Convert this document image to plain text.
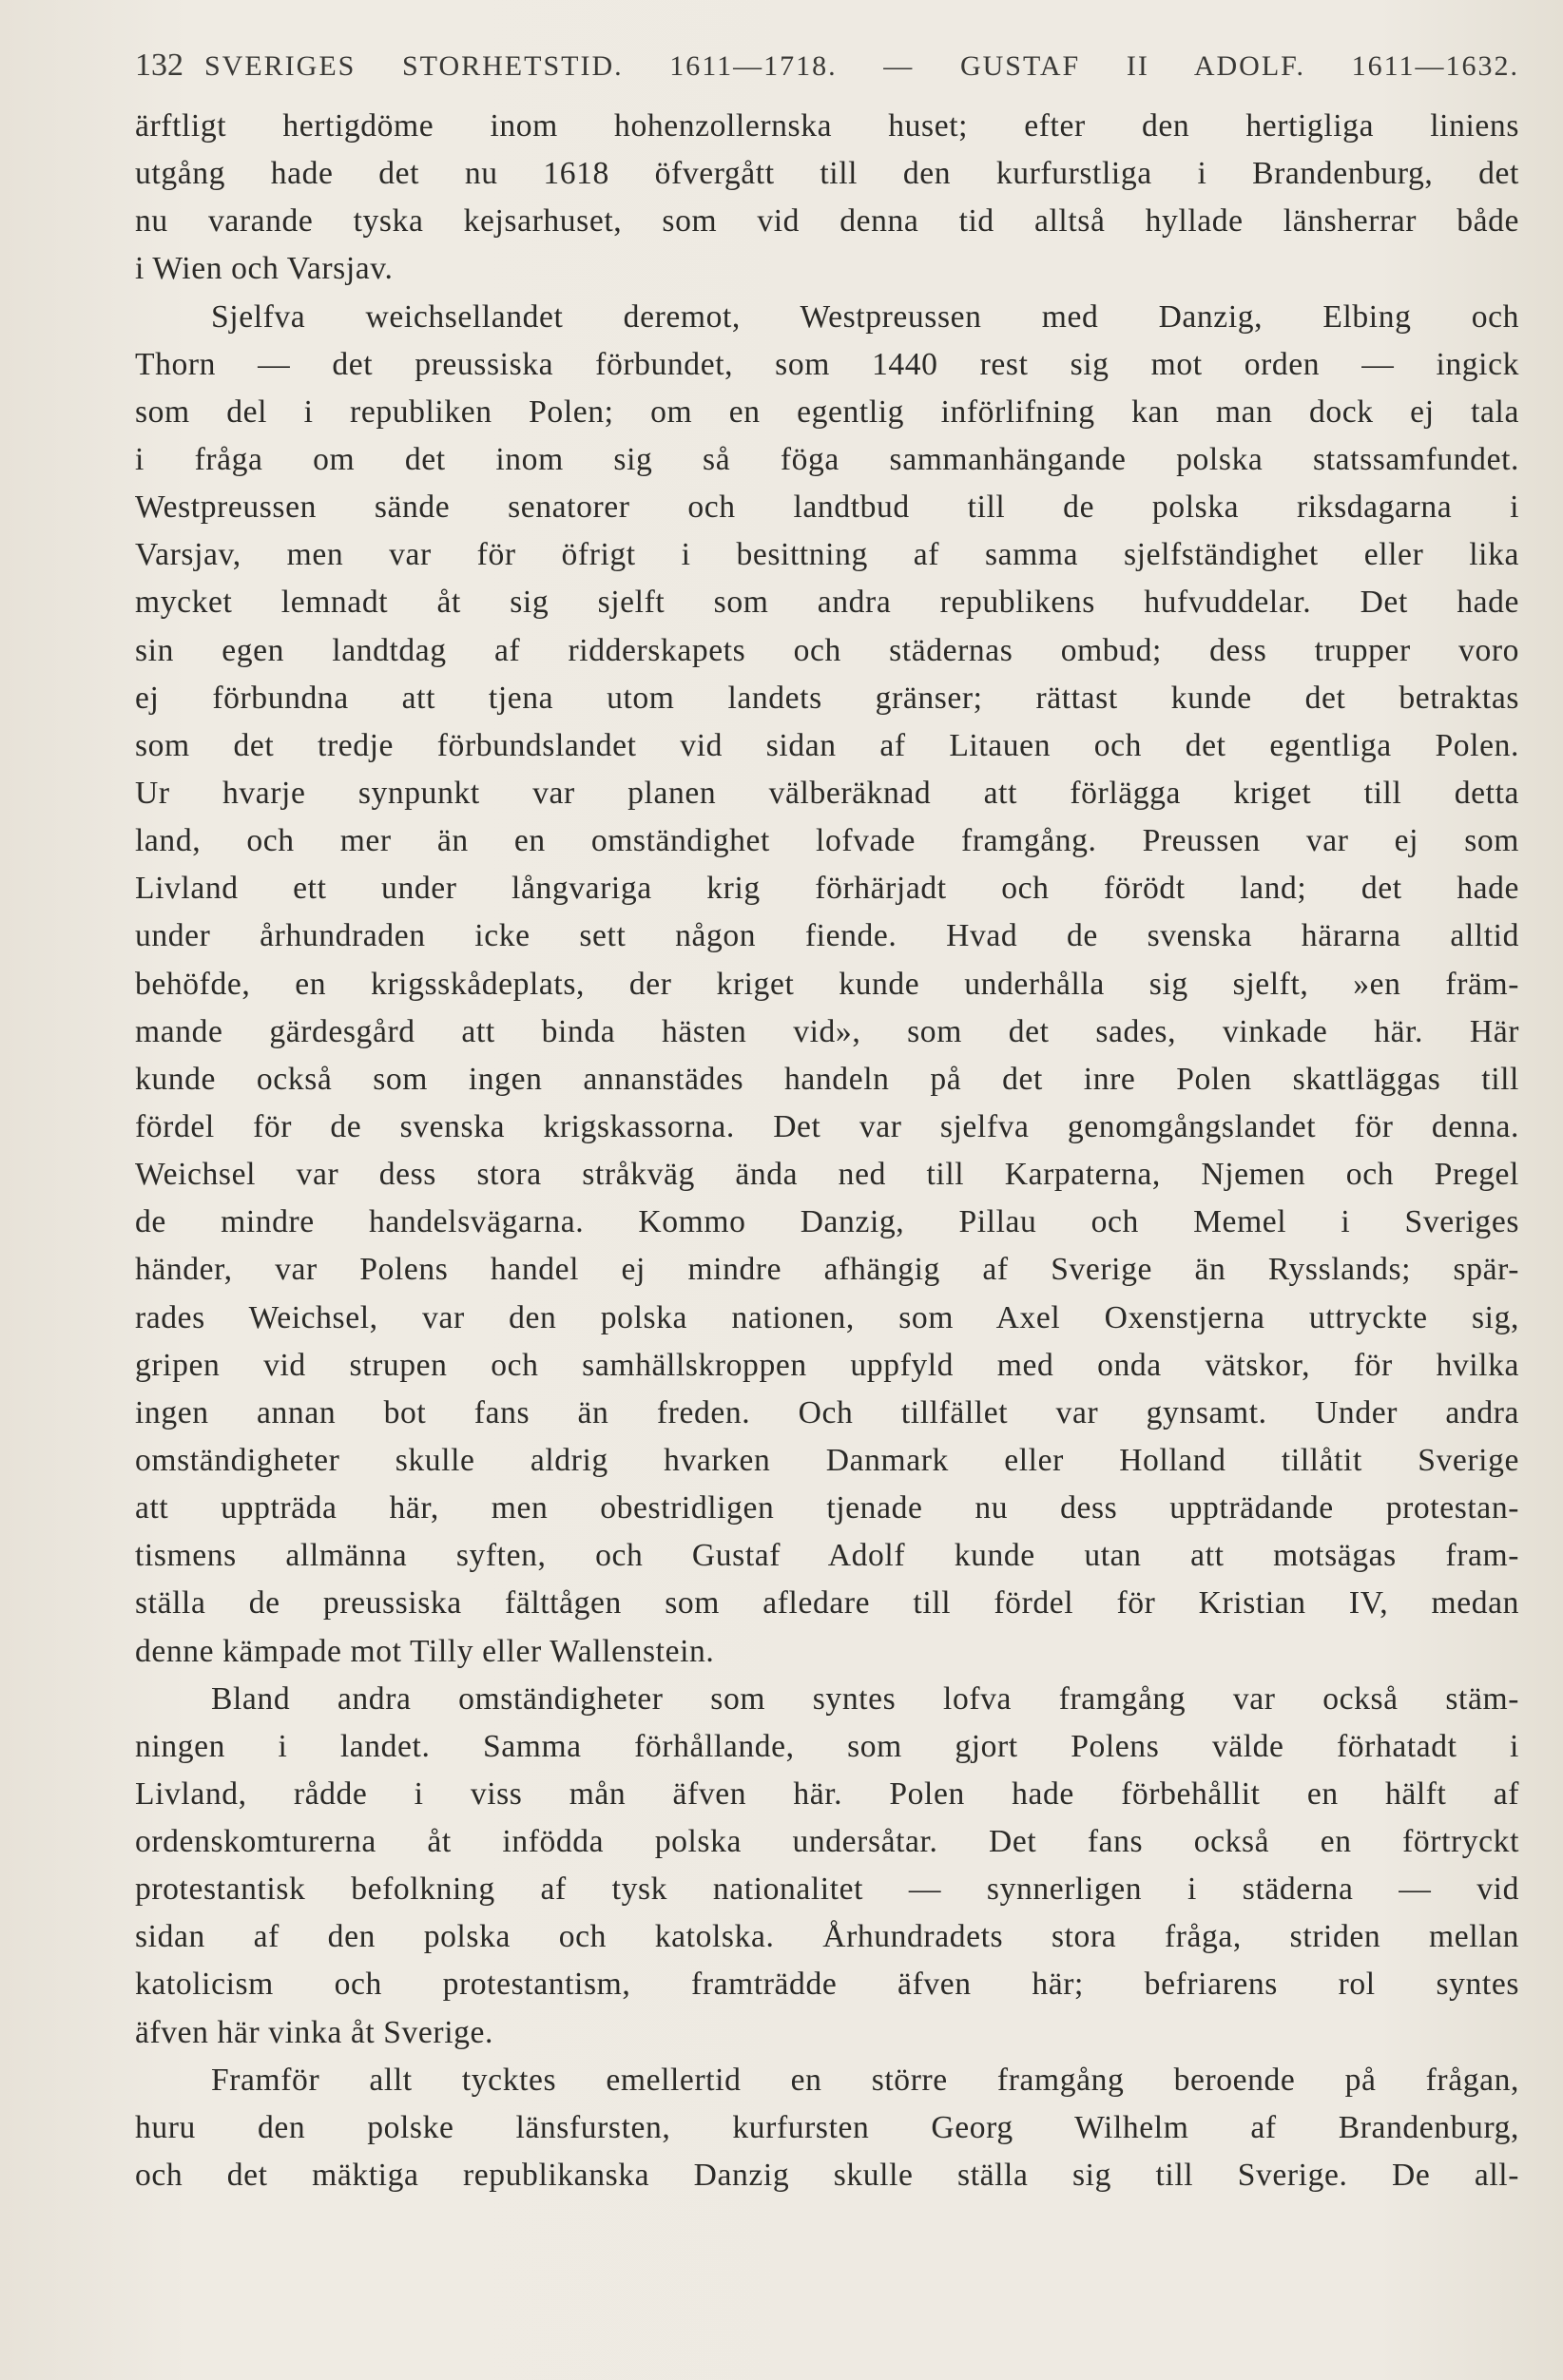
132 SVERIGES STORHETSTID. 1611—1718. — GUSTAF II ADOLF. 1611—1632.
ärftligt hertigdöme inom hohenzollernska huset; efter den hertigliga liniens
utgång hade det nu 1618 öfvergått till den kurfurstliga i Brandenburg, det
nu varande tyska kejsarhuset, som vid denna tid alltså hyllade länsherrar både
i Wien och Varsjav.
Sjelfva weichsellandet deremot, Westpreussen med Danzig, Elbing och
Thorn — det preussiska förbundet, som 1440 rest sig mot orden — ingick
som del i republiken Polen; om en egentlig införlifning kan man dock ej tala
i fråga om det inom sig så föga sammanhängande polska statssamfundet.
Westpreussen sände senatorer och landtbud till de polska riksdagarna i
Varsjav, men var för öfrigt i besittning af samma sjelfständighet eller lika
mycket lemnadt åt sig sjelft som andra republikens hufvuddelar. Det hade
sin egen landtdag af ridderskapets och städernas ombud; dess trupper voro
ej förbundna att tjena utom landets gränser; rättast kunde det betraktas
som det tredje förbundslandet vid sidan af Litauen och det egentliga Polen.
Ur hvarje synpunkt var planen välberäknad att förlägga kriget till detta
land, och mer än en omständighet lofvade framgång. Preussen var ej som
Livland ett under långvariga krig förhärjadt och förödt land; det hade
under århundraden icke sett någon fiende. Hvad de svenska härarna alltid
behöfde, en krigsskådeplats, der kriget kunde underhålla sig sjelft, »en främ-
mande gärdesgård att binda hästen vid», som det sades, vinkade här. Här
kunde också som ingen annanstädes handeln på det inre Polen skattläggas till
fördel för de svenska krigskassorna. Det var sjelfva genomgångslandet för denna.
Weichsel var dess stora stråkväg ända ned till Karpaterna, Njemen och Pregel
de mindre handelsvägarna. Kommo Danzig, Pillau och Memel i Sveriges
händer, var Polens handel ej mindre afhängig af Sverige än Rysslands; spär-
rades Weichsel, var den polska nationen, som Axel Oxenstjerna uttryckte sig,
gripen vid strupen och samhällskroppen uppfyld med onda vätskor, för hvilka
ingen annan bot fans än freden. Och tillfället var gynsamt. Under andra
omständigheter skulle aldrig hvarken Danmark eller Holland tillåtit Sverige
att uppträda här, men obestridligen tjenade nu dess uppträdande protestan-
tismens allmänna syften, och Gustaf Adolf kunde utan att motsägas fram-
ställa de preussiska fälttågen som afledare till fördel för Kristian IV, medan
denne kämpade mot Tilly eller Wallenstein.
Bland andra omständigheter som syntes lofva framgång var också stäm-
ningen i landet. Samma förhållande, som gjort Polens välde förhatadt i
Livland, rådde i viss mån äfven här. Polen hade förbehållit en hälft af
ordenskomturerna åt infödda polska undersåtar. Det fans också en förtryckt
protestantisk befolkning af tysk nationalitet — synnerligen i städerna — vid
sidan af den polska och katolska. Århundradets stora fråga, striden mellan
katolicism och protestantism, framträdde äfven här; befriarens rol syntes
äfven här vinka åt Sverige.
Framför allt tycktes emellertid en större framgång beroende på frågan,
huru den polske länsfursten, kurfursten Georg Wilhelm af Brandenburg,
och det mäktiga republikanska Danzig skulle ställa sig till Sverige. De all-
